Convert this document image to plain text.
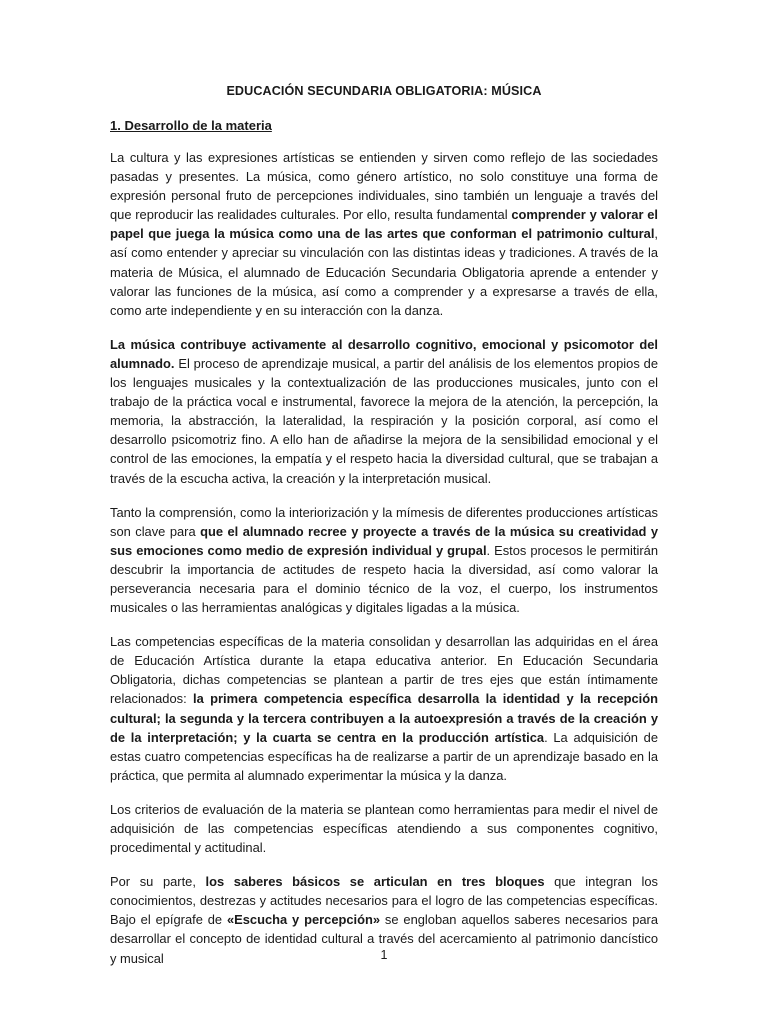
EDUCACIÓN SECUNDARIA OBLIGATORIA: MÚSICA
1. Desarrollo de la materia

La cultura y las expresiones artísticas se entienden y sirven como reflejo de las sociedades pasadas y presentes. La música, como género artístico, no solo constituye una forma de expresión personal fruto de percepciones individuales, sino también un lenguaje a través del que reproducir las realidades culturales. Por ello, resulta fundamental comprender y valorar el papel que juega la música como una de las artes que conforman el patrimonio cultural, así como entender y apreciar su vinculación con las distintas ideas y tradiciones. A través de la materia de Música, el alumnado de Educación Secundaria Obligatoria aprende a entender y valorar las funciones de la música, así como a comprender y a expresarse a través de ella, como arte independiente y en su interacción con la danza.

La música contribuye activamente al desarrollo cognitivo, emocional y psicomotor del alumnado. El proceso de aprendizaje musical, a partir del análisis de los elementos propios de los lenguajes musicales y la contextualización de las producciones musicales, junto con el trabajo de la práctica vocal e instrumental, favorece la mejora de la atención, la percepción, la memoria, la abstracción, la lateralidad, la respiración y la posición corporal, así como el desarrollo psicomotriz fino. A ello han de añadirse la mejora de la sensibilidad emocional y el control de las emociones, la empatía y el respeto hacia la diversidad cultural, que se trabajan a través de la escucha activa, la creación y la interpretación musical.

Tanto la comprensión, como la interiorización y la mímesis de diferentes producciones artísticas son clave para que el alumnado recree y proyecte a través de la música su creatividad y sus emociones como medio de expresión individual y grupal. Estos procesos le permitirán descubrir la importancia de actitudes de respeto hacia la diversidad, así como valorar la perseverancia necesaria para el dominio técnico de la voz, el cuerpo, los instrumentos musicales o las herramientas analógicas y digitales ligadas a la música.

Las competencias específicas de la materia consolidan y desarrollan las adquiridas en el área de Educación Artística durante la etapa educativa anterior. En Educación Secundaria Obligatoria, dichas competencias se plantean a partir de tres ejes que están íntimamente relacionados: la primera competencia específica desarrolla la identidad y la recepción cultural; la segunda y la tercera contribuyen a la autoexpresión a través de la creación y de la interpretación; y la cuarta se centra en la producción artística. La adquisición de estas cuatro competencias específicas ha de realizarse a partir de un aprendizaje basado en la práctica, que permita al alumnado experimentar la música y la danza.

Los criterios de evaluación de la materia se plantean como herramientas para medir el nivel de adquisición de las competencias específicas atendiendo a sus componentes cognitivo, procedimental y actitudinal.

Por su parte, los saberes básicos se articulan en tres bloques que integran los conocimientos, destrezas y actitudes necesarios para el logro de las competencias específicas. Bajo el epígrafe de «Escucha y percepción» se engloban aquellos saberes necesarios para desarrollar el concepto de identidad cultural a través del acercamiento al patrimonio dancístico y musical	1
